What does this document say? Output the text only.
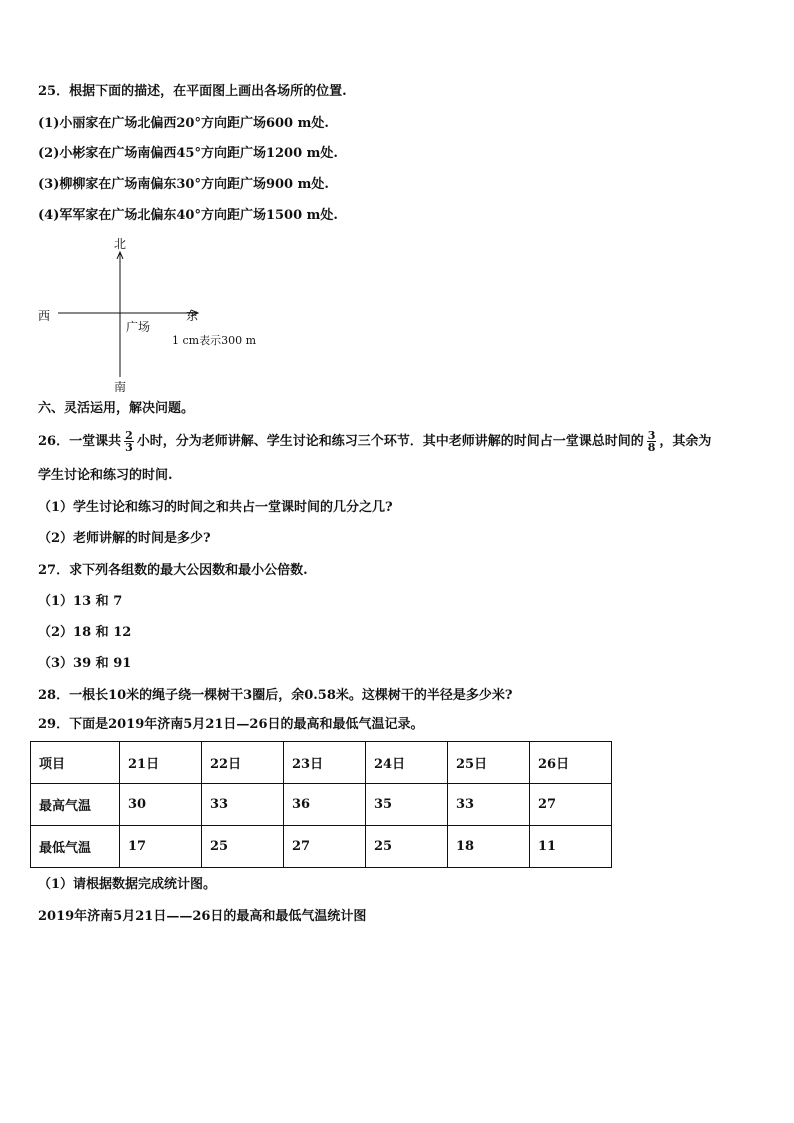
25．根据下面的描述，在平面图上画出各场所的位置.
(1)小丽家在广场北偏西20°方向距广场600 m处.
(2)小彬家在广场南偏西45°方向距广场1200 m处.
(3)柳柳家在广场南偏东30°方向距广场900 m处.
(4)军军家在广场北偏东40°方向距广场1500 m处.
北
南
西	东
广场
1 cm表示300 m
六、灵活运用，解决问题。
26．一堂课共 $\frac{2}{3}$ 小时，分为老师讲解、学生讨论和练习三个环节．其中老师讲解的时间占一堂课总时间的 $\frac{3}{8}$ ，其余为
学生讨论和练习的时间.
（1）学生讨论和练习的时间之和共占一堂课时间的几分之几?
（2）老师讲解的时间是多少?
27．求下列各组数的最大公因数和最小公倍数.
（1）13 和 7
（2）18 和 12
（3）39 和 91
28．一根长10米的绳子绕一棵树干3圈后，余0.58米。这棵树干的半径是多少米?
29．下面是2019年济南5月21日—26日的最高和最低气温记录。
项目	21日	22日	23日	24日	25日	26日
最高气温	30	33	36	35	33	27
最低气温	17	25	27	25	18	11
（1）请根据数据完成统计图。
2019年济南5月21日——26日的最高和最低气温统计图
